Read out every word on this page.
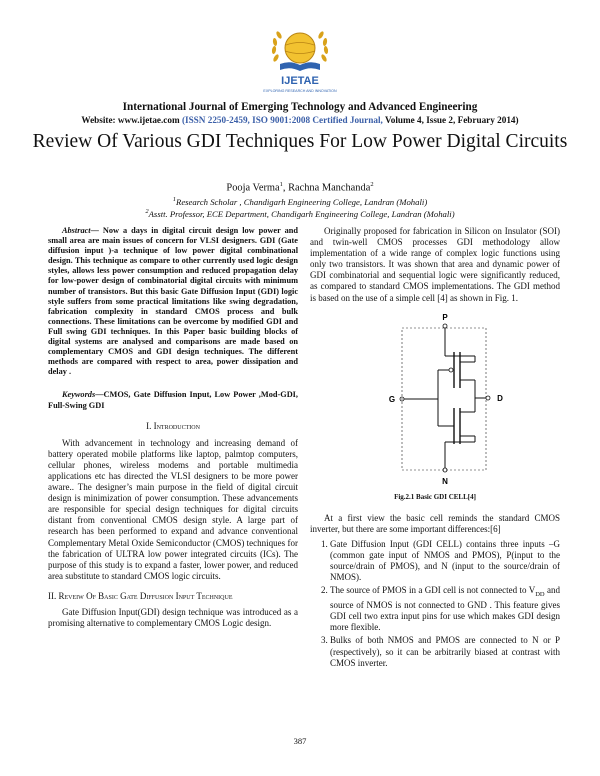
IJETAE
EXPLORING RESEARCH AND INNOVATION
International Journal of Emerging Technology and Advanced Engineering
Website: www.ijetae.com (ISSN 2250-2459, ISO 9001:2008 Certified Journal, Volume 4, Issue 2, February 2014)
Review Of Various GDI Techniques For Low Power Digital Circuits
Pooja Verma$^1$, Rachna Manchanda$^2$
$^1$Research Scholar , Chandigarh Engineering College, Landran (Mohali)
$^2$Asstt. Professor, ECE Department, Chandigarh Engineering College, Landran (Mohali)

Abstract— Now a days in digital circuit design low power and small area are main issues of concern for VLSI designers. GDI (Gate diffusion input )-a technique of low power digital combinational design. This technique as compare to other currently used logic design styles, allows less power consumption and reduced propagation delay for low-power design of combinatorial digital circuits with minimum number of transistors. But this basic Gate Diffusion Input (GDI) logic style suffers from some practical limitations like swing degradation, fabrication complexity in standard CMOS process and bulk connections. These limitations can be overcome by modified GDI and Full swing GDI techniques. In this Paper basic building blocks of digital systems are analysed and comparisons are made based on complementary CMOS and GDI design techniques. The different methods are compared with respect to area, power dissipation and delay .

Keywords—CMOS, Gate Diffusion Input, Low Power ,Mod-GDI, Full-Swing GDI

I. Introduction

With advancement in technology and increasing demand of battery operated mobile platforms like laptop, palmtop computers, cellular phones, wireless modems and portable multimedia applications etc has directed the VLSI designers to be more power aware.. The designer’s main purpose in the field of digital circuit design is minimization of power consumption. These advancements are responsible for special design techniques for digital circuits distant from conventional CMOS design style. A large part of research has been performed to expand and advance conventional Complementary Metal Oxide Semiconductor (CMOS) techniques for the fabrication of ULTRA low power integrated circuits (ICs). The purpose of this study is to expand a faster, lower power, and reduced area substitute to standard CMOS logic circuits.

II. Reveiw Of Basic Gate Diffusion Input Technique

Gate Diffusion Input(GDI) design technique was introduced as a promising alternative to complementary CMOS Logic design.

Originally proposed for fabrication in Silicon on Insulator (SOI) and twin-well CMOS processes GDI methodology allow implementation of a wide range of complex logic functions using only two transistors. It was shown that area and dynamic power of GDI combinatorial and sequential logic were significantly reduced, as compared to standard CMOS implementations. The GDI method is based on the use of a simple cell [4] as shown in Fig. 1.

P
N
G	D

Fig.2.1 Basic GDI CELL[4]

At a first view the basic cell reminds the standard CMOS inverter, but there are some important differences:[6]

1. Gate Diffusion Input (GDI CELL) contains three inputs –G (common gate input of NMOS and PMOS), P(input to the source/drain of PMOS), and N (input to the source/drain of NMOS).
2. The source of PMOS in a GDI cell is not connected to $V_{DD}$ and source of NMOS is not connected to GND . This feature gives GDI cell two extra input pins for use which makes GDI design more flexible.
3. Bulks of both NMOS and PMOS are connected to N or P (respectively), so it can be arbitrarily biased at contrast with CMOS inverter.
387
